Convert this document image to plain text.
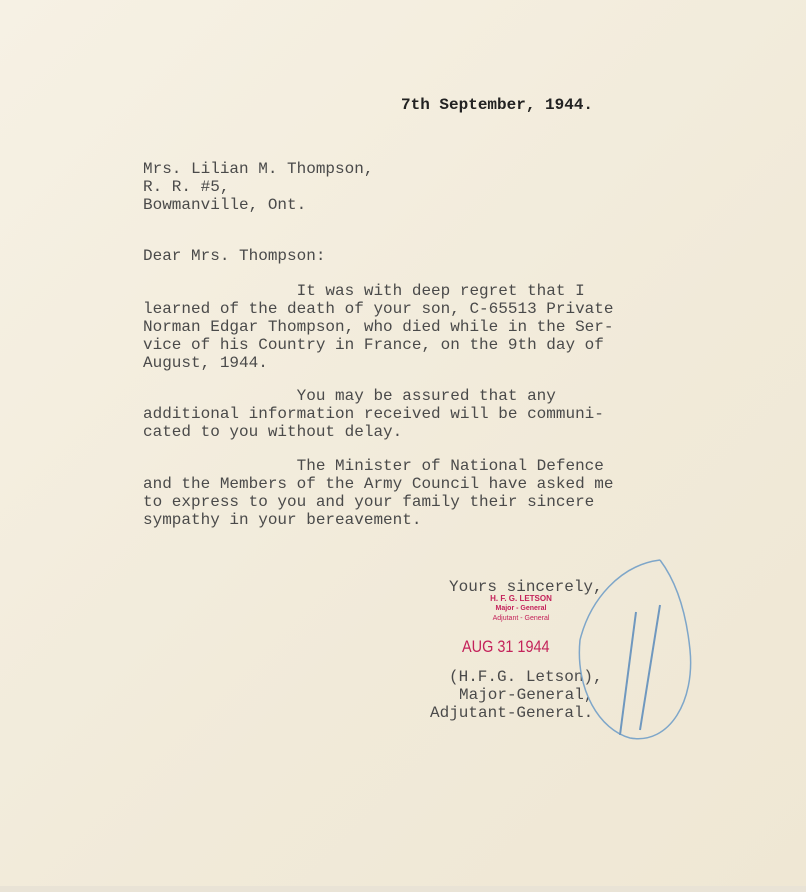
7th September, 1944.
Mrs. Lilian M. Thompson,
R. R. #5,
Bowmanville, Ont.
Dear Mrs. Thompson:
It was with deep regret that I
learned of the death of your son, C-65513 Private
Norman Edgar Thompson, who died while in the Ser-
vice of his Country in France, on the 9th day of
August, 1944.
You may be assured that any
additional information received will be communi-
cated to you without delay.
The Minister of National Defence
and the Members of the Army Council have asked me
to express to you and your family their sincere
sympathy in your bereavement.
Yours sincerely,
H. F. G. LETSON
Major - General
Adjutant - General
AUG 31 1944
(H.F.G. Letson),
Major-General,
Adjutant-General.
